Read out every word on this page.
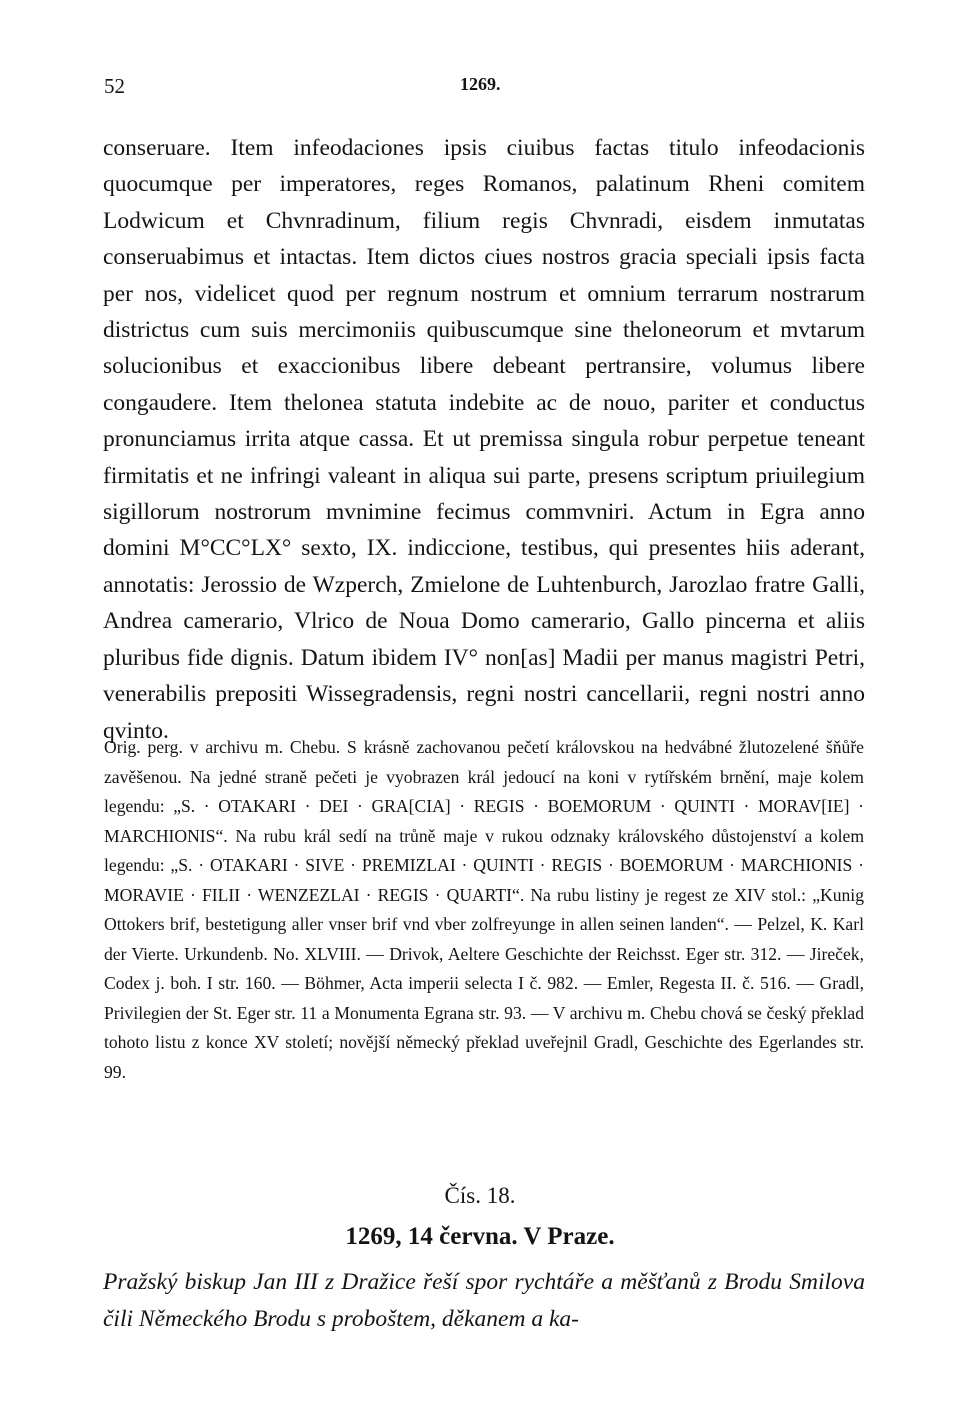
52	1269.

conseruare. Item infeodaciones ipsis ciuibus factas titulo infeodacionis quocumque per imperatores, reges Romanos, palatinum Rheni comitem Lodwicum et Chvnradinum, filium regis Chvnradi, eisdem inmutatas conseruabimus et intactas. Item dictos ciues nostros gracia speciali ipsis facta per nos, videlicet quod per regnum nostrum et omnium terrarum nostrarum districtus cum suis mercimoniis quibuscumque sine theloneorum et mvtarum solucionibus et exaccionibus libere debeant pertransire, volumus libere congaudere. Item thelonea statuta indebite ac de nouo, pariter et conductus pronunciamus irrita atque cassa. Et ut premissa singula robur perpetue teneant firmitatis et ne infringi valeant in aliqua sui parte, presens scriptum priuilegium sigillorum nostrorum mvnimine fecimus commvniri. Actum in Egra anno domini M°CC°LX° sexto, IX. indiccione, testibus, qui presentes hiis aderant, annotatis: Jerossio de Wzperch, Zmielone de Luhtenburch, Jarozlao fratre Galli, Andrea camerario, Vlrico de Noua Domo camerario, Gallo pincerna et aliis pluribus fide dignis. Datum ibidem IV° non[as] Madii per manus magistri Petri, venerabilis prepositi Wissegradensis, regni nostri cancellarii, regni nostri anno qvinto.

Orig. perg. v archivu m. Chebu. S krásně zachovanou pečetí královskou na hedvábné žlutozelené šňůře zavěšenou. Na jedné straně pečeti je vyobrazen král jedoucí na koni v rytířském brnění, maje kolem legendu: „S. · OTAKARI · DEI · GRA[CIA] · REGIS · BOEMORUM · QUINTI · MORAV[IE] · MARCHIONIS“. Na rubu král sedí na trůně maje v rukou odznaky královského důstojenství a kolem legendu: „S. · OTAKARI · SIVE · PREMIZLAI · QUINTI · REGIS · BOEMORUM · MARCHIONIS · MORAVIE · FILII · WENZEZLAI · REGIS · QUARTI“. Na rubu listiny je regest ze XIV stol.: „Kunig Ottokers brif, bestetigung aller vnser brif vnd vber zolfreyunge in allen seinen landen“. — Pelzel, K. Karl der Vierte. Urkundenb. No. XLVIII. — Drivok, Aeltere Geschichte der Reichsst. Eger str. 312. — Jireček, Codex j. boh. I str. 160. — Böhmer, Acta imperii selecta I č. 982. — Emler, Regesta II. č. 516. — Gradl, Privilegien der St. Eger str. 11 a Monumenta Egrana str. 93. — V archivu m. Chebu chová se český překlad tohoto listu z konce XV století; novější německý překlad uveřejnil Gradl, Geschichte des Egerlandes str. 99.

Čís. 18.
1269, 14 června. V Praze.

Pražský biskup Jan III z Dražice řeší spor rychtáře a měšťanů z Brodu Smilova čili Německého Brodu s proboštem, děkanem a ka-
